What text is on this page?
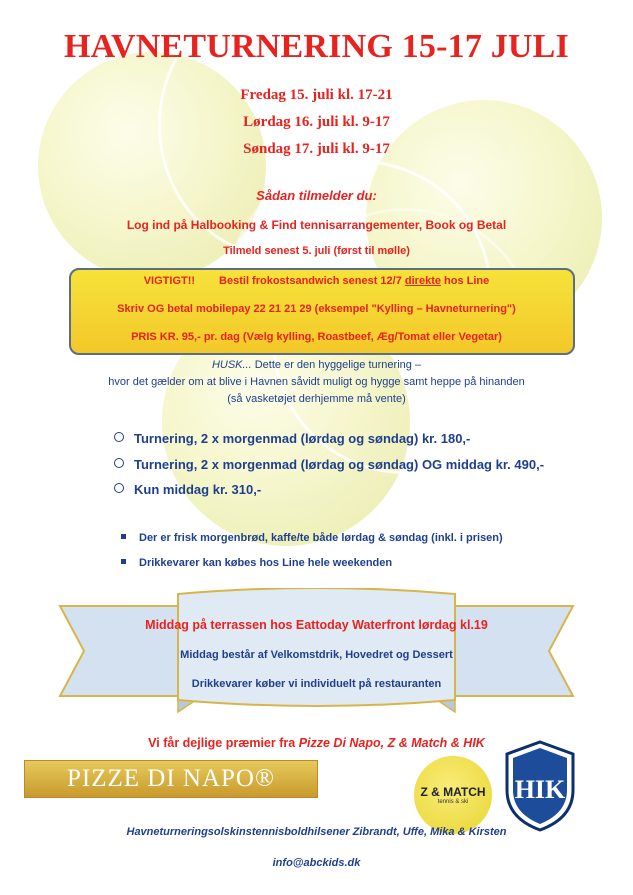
HAVNETURNERING 15-17 JULI
Fredag 15. juli kl. 17-21
Lørdag 16. juli kl. 9-17
Søndag 17. juli kl. 9-17
Sådan tilmelder du:
Log ind på Halbooking & Find tennisarrangementer, Book og Betal
Tilmeld senest 5. juli (først til mølle)
VIGTIGT!! Bestil frokostsandwich senest 12/7 direkte hos Line
Skriv OG betal mobilepay 22 21 21 29 (eksempel "Kylling – Havneturnering")
PRIS KR. 95,- pr. dag (Vælg kylling, Roastbeef, Æg/Tomat eller Vegetar)
HUSK... Dette er den hyggelige turnering –
hvor det gælder om at blive i Havnen såvidt muligt og hygge samt heppe på hinanden
(så vasketøjet derhjemme må vente)
Turnering, 2 x morgenmad (lørdag og søndag) kr. 180,-
Turnering, 2 x morgenmad (lørdag og søndag) OG middag kr. 490,-
Kun middag kr. 310,-
Der er frisk morgenbrød, kaffe/te både lørdag & søndag (inkl. i prisen)
Drikkevarer kan købes hos Line hele weekenden
Middag på terrassen hos Eattoday Waterfront lørdag kl.19
Middag består af Velkomstdrik, Hovedret og Dessert
Drikkevarer køber vi individuelt på restauranten
Vi får dejlige præmier fra Pizze Di Napo, Z & Match & HIK
PIZZE DI NAPO®	Z & MATCH
tennis & ski HIK
Havneturneringsolskinstennisboldhilsener Zibrandt, Uffe, Mika & Kirsten
info@abckids.dk
